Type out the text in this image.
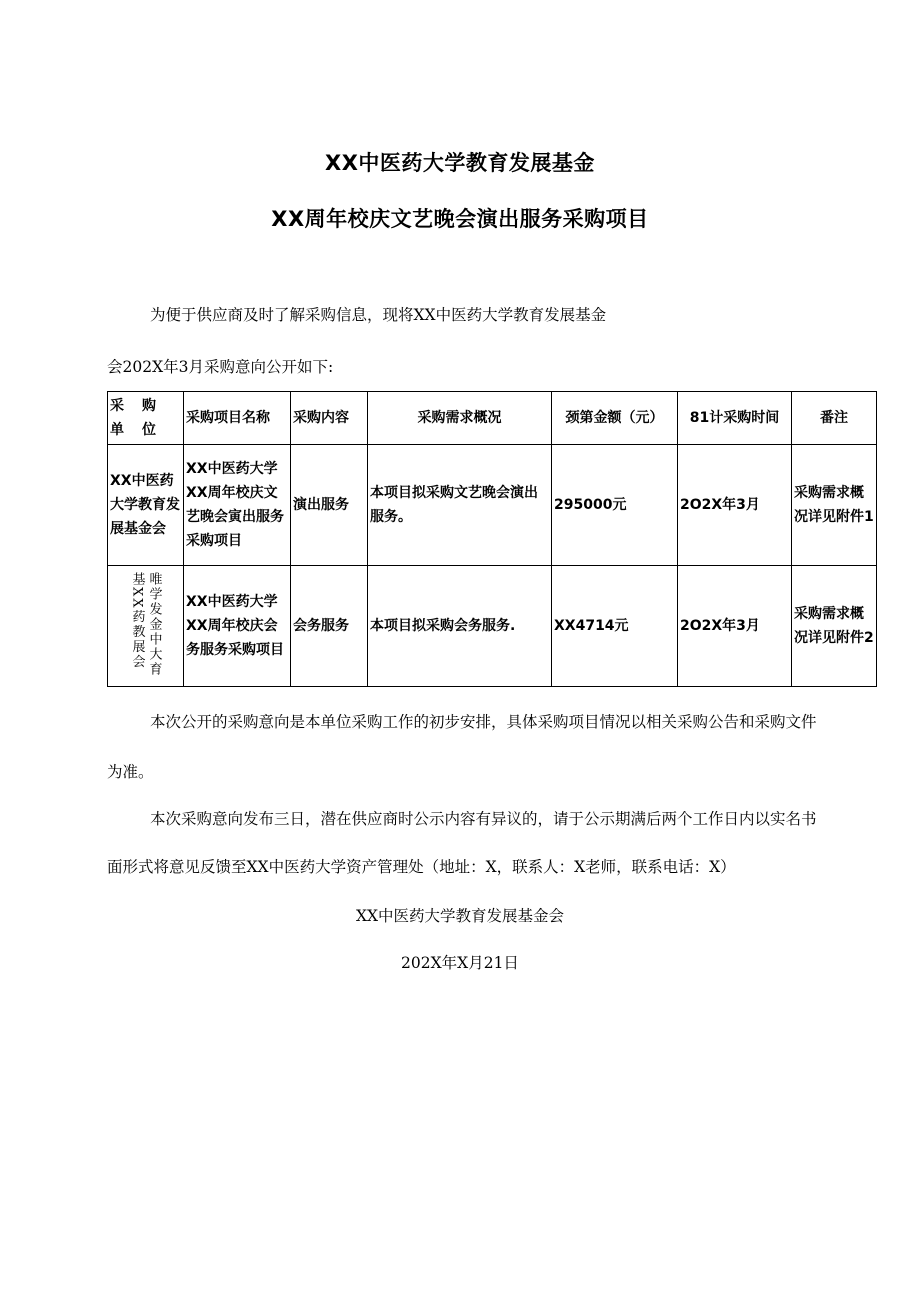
XX中医药大学教育发展基金
XX周年校庆文艺晚会演出服务采购项目
为便于供应商及时了解采购信息，现将XX中医药大学教育发展基金
会202X年3月采购意向公开如下:
采购单位	采购项目名称	采购内容	采购需求概况	颈第金额（元）	81计采购时间	番注
XX中医药大学教育发展基金会	XX中医药大学XX周年校庆文艺晚会寅出服务采购项目	演出服务	本项目拟采购文艺晚会演出服务。	295000元	2O2X年3月	采购需求概况详见附件1

唯学发金中大育基XX药教展会	XX中医药大学XX周年校庆会务服务采购项目	会务服务	本项目拟采购会务服务.	XX4714元	2O2X年3月	采购需求概况详见附件2
本次公开的采购意向是本单位采购工作的初步安排，具体采购项目情况以相关采购公告和采购文件
为准。
本次采购意向发布三日，潜在供应商时公示内容有异议的，请于公示期满后两个工作日内以实名书
面形式将意见反馈至XX中医药大学资产管理处（地址：X，联系人：X老师，联系电话：X）
XX中医药大学教育发展基金会
202X年X月21日
